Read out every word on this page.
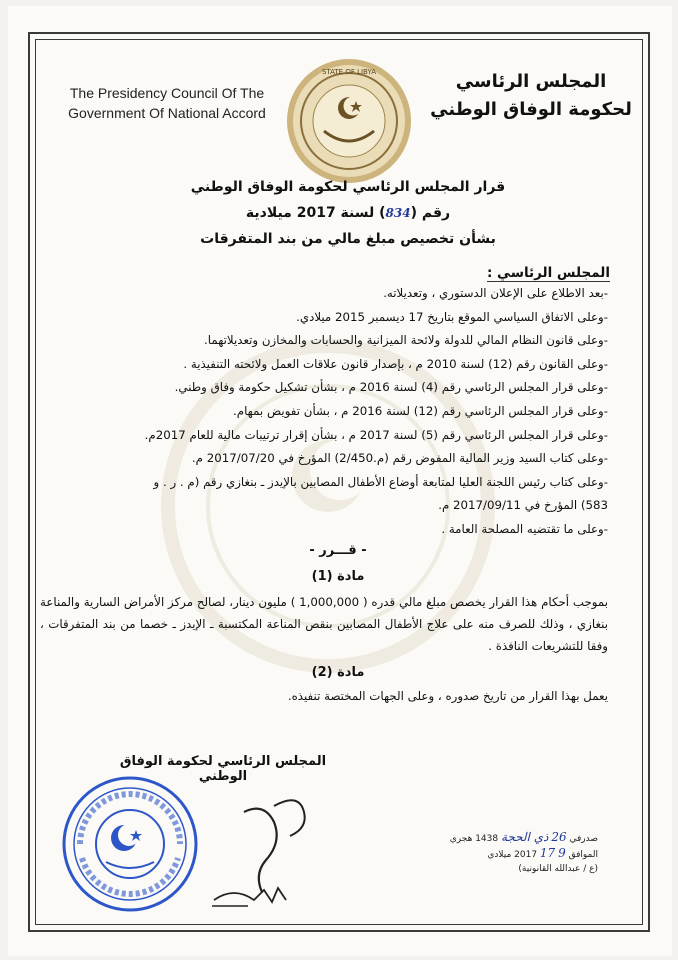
The Presidency Council Of The
Government Of National Accord
STATE OF LIBYA	المجلس الرئاسي
لحكومة الوفاق الوطني
قرار المجلس الرئاسي لحكومة الوفاق الوطني
رقم (834) لسنة 2017 ميلادية
بشأن تخصيص مبلغ مالي من بند المتفرقات
المجلس الرئاسي :
-بعد الاطلاع على الإعلان الدستوري ، وتعديلاته.
-وعلى الاتفاق السياسي الموقع بتاريخ 17 ديسمبر 2015 ميلادي.
-وعلى قانون النظام المالي للدولة ولائحة الميزانية والحسابات والمخازن وتعديلاتهما.
-وعلى القانون رقم (12) لسنة 2010 م ، بإصدار قانون علاقات العمل ولائحته التنفيذية .
-وعلى قرار المجلس الرئاسي رقم (4) لسنة 2016 م ، بشأن تشكيل حكومة وفاق وطني.
-وعلى قرار المجلس الرئاسي رقم (12) لسنة 2016 م ، بشأن تفويض بمهام.
-وعلى قرار المجلس الرئاسي رقم (5) لسنة 2017 م ، بشأن إقرار ترتيبات مالية للعام 2017م.
-وعلى كتاب السيد وزير المالية المفوض رقم (م.2/450) المؤرخ في 2017/07/20 م.
-وعلى كتاب رئيس اللجنة العليا لمتابعة أوضاع الأطفال المصابين بالإيدز ـ بنغازي رقم (م . ر . و
583) المؤرخ في 2017/09/11 م.
-وعلى ما تقتضيه المصلحة العامة .
- قـــرر -
مادة (1)
بموجب أحكام هذا القرار يخصص مبلغ مالي قدره ( 1,000,000 ) مليون دينار، لصالح مركز الأمراض السارية والمناعة بنغازي ، وذلك للصرف منه على علاج الأطفال المصابين بنقص المناعة المكتسبة ـ الإيدز ـ خصما من بند المتفرقات ، وفقا للتشريعات النافذة .
مادة (2)
يعمل بهذا القرار من تاريخ صدوره ، وعلى الجهات المختصة تنفيذه.
المجلس الرئاسي لحكومة الوفاق الوطني
صدرفي 26 ذي الحجة 1438 هجري
الموافق 9 17 2017 ميلادي
(ع / عبدالله القانونية)
